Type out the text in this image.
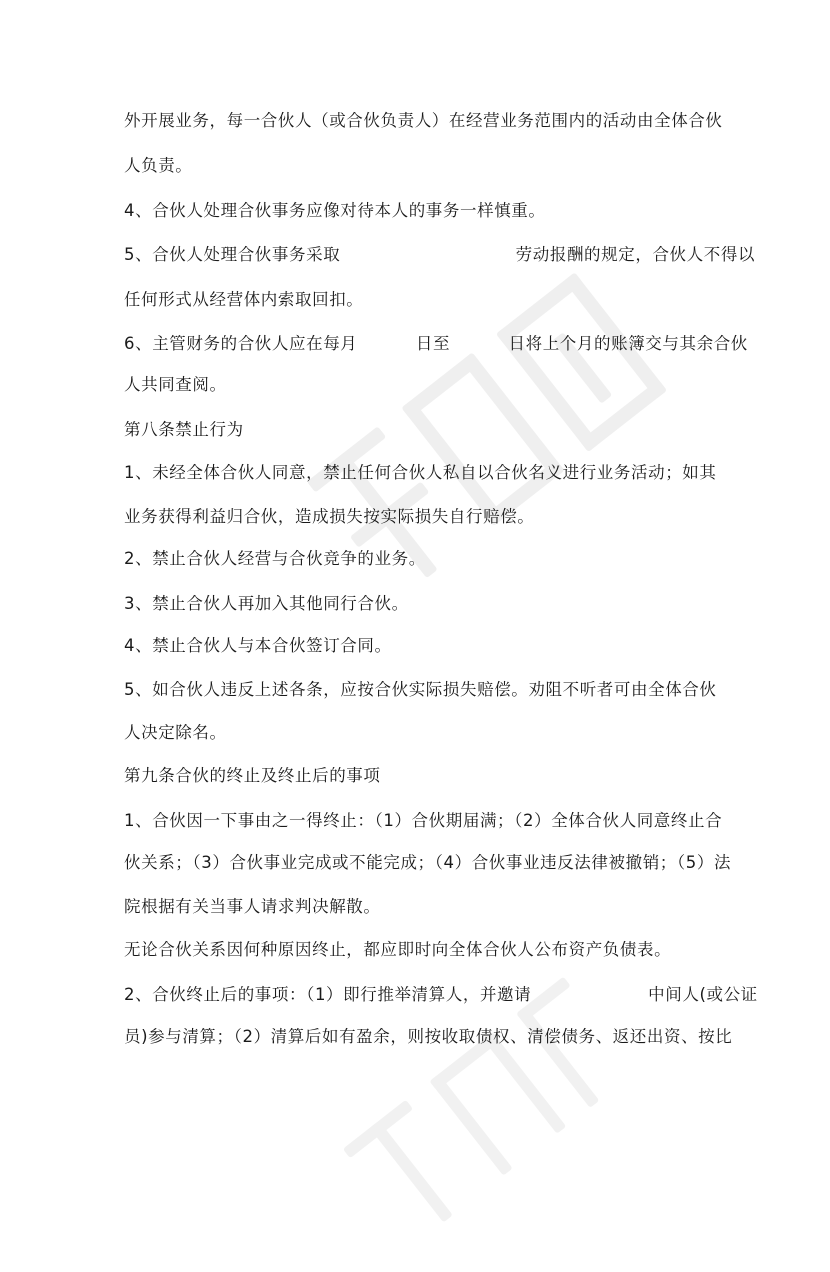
外开展业务，每一合伙人（或合伙负责人）在经营业务范围内的活动由全体合伙
人负责。
4、合伙人处理合伙事务应像对待本人的事务一样慎重。
5、合伙人处理合伙事务采取                              劳动报酬的规定，合伙人不得以
任何形式从经营体内索取回扣。
6、主管财务的合伙人应在每月          日至          日将上个月的账簿交与其余合伙
人共同查阅。
第八条禁止行为
1、未经全体合伙人同意，禁止任何合伙人私自以合伙名义进行业务活动；如其
业务获得利益归合伙，造成损失按实际损失自行赔偿。
2、禁止合伙人经营与合伙竞争的业务。
3、禁止合伙人再加入其他同行合伙。
4、禁止合伙人与本合伙签订合同。
5、如合伙人违反上述各条，应按合伙实际损失赔偿。劝阻不听者可由全体合伙
人决定除名。
第九条合伙的终止及终止后的事项
1、合伙因一下事由之一得终止：（1）合伙期届满；（2）全体合伙人同意终止合
伙关系；（3）合伙事业完成或不能完成；（4）合伙事业违反法律被撤销；（5）法
院根据有关当事人请求判决解散。
无论合伙关系因何种原因终止，都应即时向全体合伙人公布资产负债表。
2、合伙终止后的事项：（1）即行推举清算人，并邀请                    中间人(或公证
员)参与清算；（2）清算后如有盈余，则按收取债权、清偿债务、返还出资、按比
